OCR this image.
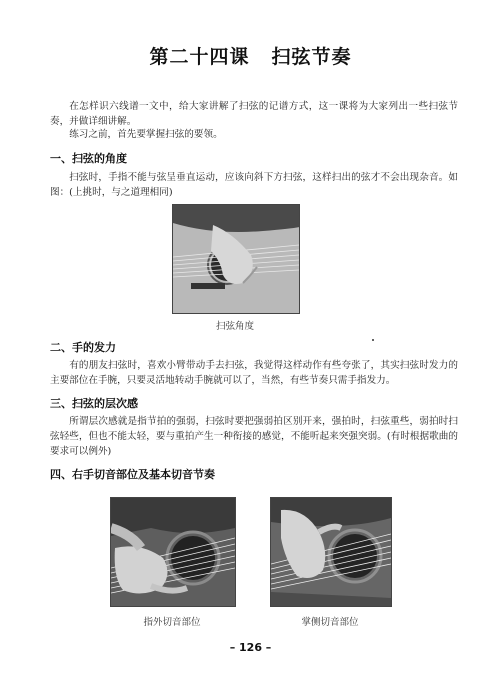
第二十四课 扫弦节奏
在怎样识六线谱一文中，给大家讲解了扫弦的记谱方式，这一课将为大家列出一些扫弦节奏，并做详细讲解。
练习之前，首先要掌握扫弦的要领。
一、扫弦的角度
扫弦时，手指不能与弦呈垂直运动，应该向斜下方扫弦，这样扫出的弦才不会出现杂音。如图：(上挑时，与之道理相同)
扫弦角度
二、手的发力
有的朋友扫弦时，喜欢小臂带动手去扫弦，我觉得这样动作有些夸张了，其实扫弦时发力的主要部位在手腕，只要灵活地转动手腕就可以了，当然，有些节奏只需手指发力。
三、扫弦的层次感
所谓层次感就是指节拍的强弱，扫弦时要把强弱拍区别开来，强拍时，扫弦重些，弱拍时扫弦轻些，但也不能太轻，要与重拍产生一种衔接的感觉，不能听起来突强突弱。(有时根据歌曲的要求可以例外)
四、右手切音部位及基本切音节奏
指外切音部位	掌侧切音部位
– 126 –
